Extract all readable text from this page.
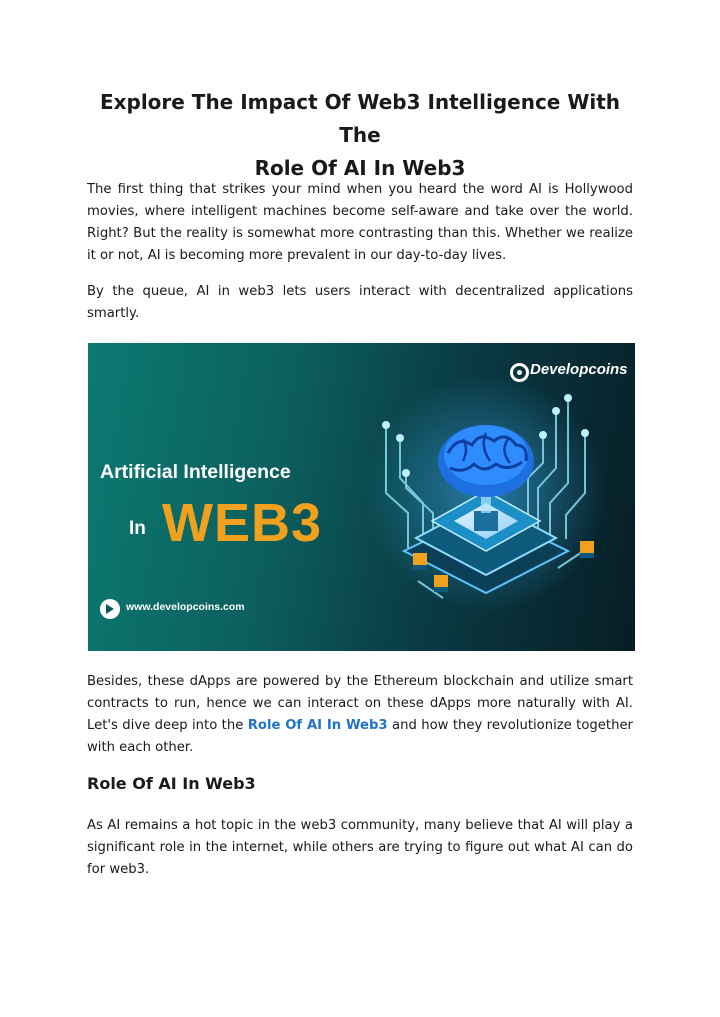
Explore The Impact Of Web3 Intelligence With The
Role Of AI In Web3

The first thing that strikes your mind when you heard the word AI is Hollywood movies, where intelligent machines become self-aware and take over the world. Right? But the reality is somewhat more contrasting than this. Whether we realize it or not, AI is becoming more prevalent in our day-to-day lives.

By the queue, AI in web3 lets users interact with decentralized applications smartly.

Developcoins
Artificial Intelligence
In WEB3
www.developcoins.com

Besides, these dApps are powered by the Ethereum blockchain and utilize smart contracts to run, hence we can interact on these dApps more naturally with AI. Let's dive deep into the Role Of AI In Web3 and how they revolutionize together with each other.

Role Of AI In Web3

As AI remains a hot topic in the web3 community, many believe that AI will play a significant role in the internet, while others are trying to figure out what AI can do for web3.
